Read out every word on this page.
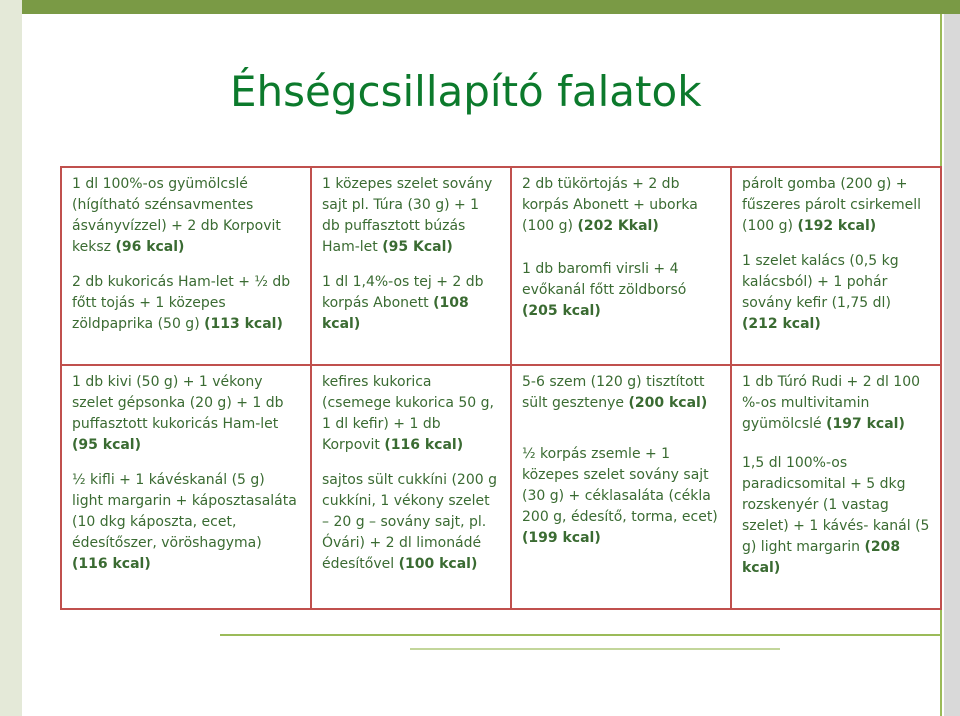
Éhségcsillapító falatok

1 dl 100%-os gyümölcslé (hígítható szénsavmentes ásványvízzel) + 2 db Korpovit keksz (96 kcal)

2 db kukoricás Ham-let + ½ db főtt tojás + 1 közepes zöldpaprika (50 g) (113 kcal)

1 közepes szelet sovány sajt pl. Túra (30 g) + 1 db puffasztott búzás Ham-let (95 Kcal)

1 dl 1,4%-os tej + 2 db korpás Abonett (108 kcal)

2 db tükörtojás + 2 db korpás Abonett + uborka (100 g) (202 Kkal)

1 db baromfi virsli + 4 evőkanál főtt zöldborsó (205 kcal)

párolt gomba (200 g) + fűszeres párolt csirkemell (100 g) (192 kcal)

1 szelet kalács (0,5 kg kalácsból) + 1 pohár sovány kefir (1,75 dl) (212 kcal)

1 db kivi (50 g) + 1 vékony szelet gépsonka (20 g) + 1 db puffasztott kukoricás Ham-let (95 kcal)

½ kifli + 1 kávéskanál (5 g) light margarin + káposztasaláta (10 dkg káposzta, ecet, édesítőszer, vöröshagyma) (116 kcal)

kefires kukorica (csemege kukorica 50 g, 1 dl kefir) + 1 db Korpovit (116 kcal)

sajtos sült cukkíni (200 g cukkíni, 1 vékony szelet – 20 g – sovány sajt, pl. Óvári) + 2 dl limonádé édesítővel (100 kcal)

5-6 szem (120 g) tisztított sült gesztenye (200 kcal)

½ korpás zsemle + 1 közepes szelet sovány sajt (30 g) + céklasaláta (cékla 200 g, édesítő, torma, ecet) (199 kcal)

1 db Túró Rudi + 2 dl 100 %-os multivitamin gyümölcslé (197 kcal)

1,5 dl 100%-os paradicsomital + 5 dkg rozskenyér (1 vastag szelet) + 1 kávés- kanál (5 g) light margarin (208 kcal)
